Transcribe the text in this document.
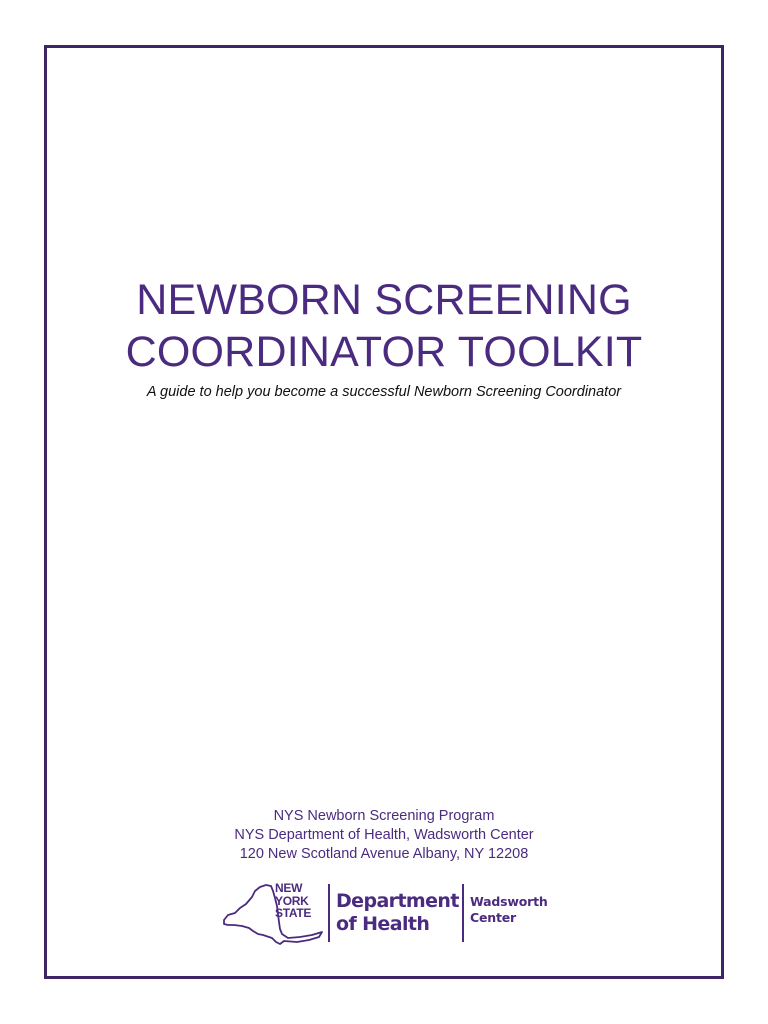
NEWBORN SCREENING
COORDINATOR TOOLKIT
A guide to help you become a successful Newborn Screening Coordinator
NYS Newborn Screening Program
NYS Department of Health, Wadsworth Center
120 New Scotland Avenue Albany, NY 12208
NEW
YORK
STATE
Department
of Health
Wadsworth
Center
